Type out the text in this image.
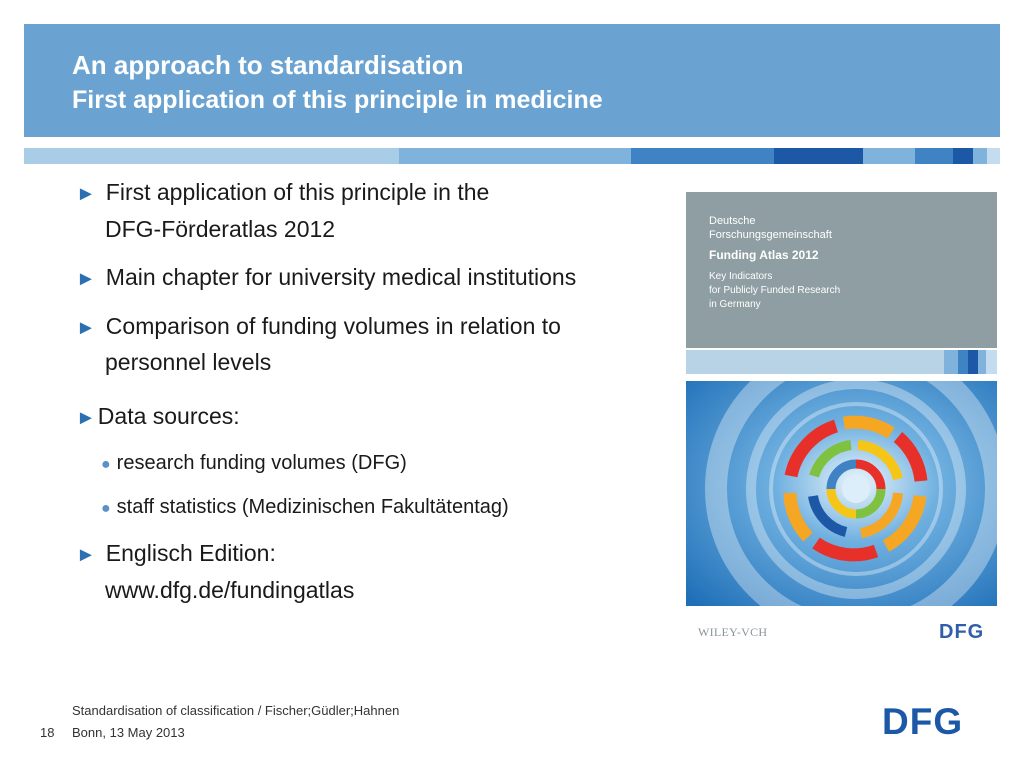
An approach to standardisation
First application of this principle in medicine
► First application of this principle in the
DFG-Förderatlas 2012
► Main chapter for university medical institutions
► Comparison of funding volumes in relation to
personnel levels
►Data sources:
● research funding volumes (DFG)
● staff statistics (Medizinischen Fakultätentag)
► Englisch Edition:
www.dfg.de/fundingatlas
Deutsche
Forschungsgemeinschaft
Funding Atlas 2012
Key Indicators
for Publicly Funded Research
in Germany
WILEY-VCH	DFG
Standardisation of classification / Fischer;Güdler;Hahnen
Bonn, 13 May 2013
18	DFG
